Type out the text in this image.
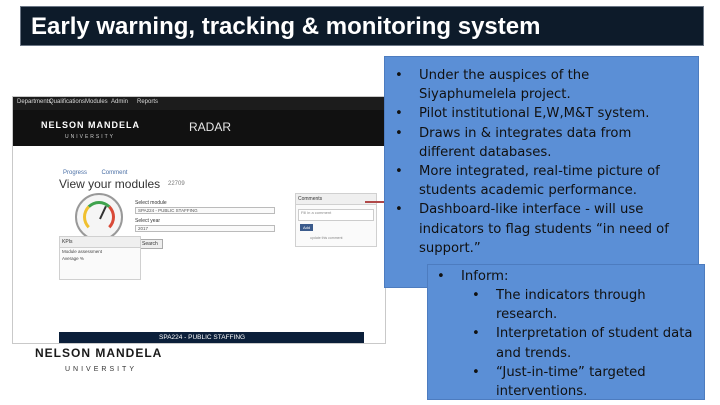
Early warning, tracking & monitoring system
Departments
Qualifications Modules Admin Reports
NELSON MANDELA
UNIVERSITY
RADAR
Progress Comment
View your modules 22709
Select module
SPA224 - PUBLIC STAFFING
Select year
2017
Search
KPIs
Module assessment
Average %
Comments
Fill in a comment
Add
update this comment
SPA224 - PUBLIC STAFFING
• Under the auspices of the Siyaphumelela project.
• Pilot institutional E,W,M&T system.
• Draws in & integrates data from different databases.
• More integrated, real-time picture of students academic performance.
• Dashboard-like interface - will use indicators to flag students “in need of support.”
• Inform:
• The indicators through research.
• Interpretation of student data and trends.
• “Just-in-time” targeted interventions.
NELSON MANDELA
UNIVERSITY
